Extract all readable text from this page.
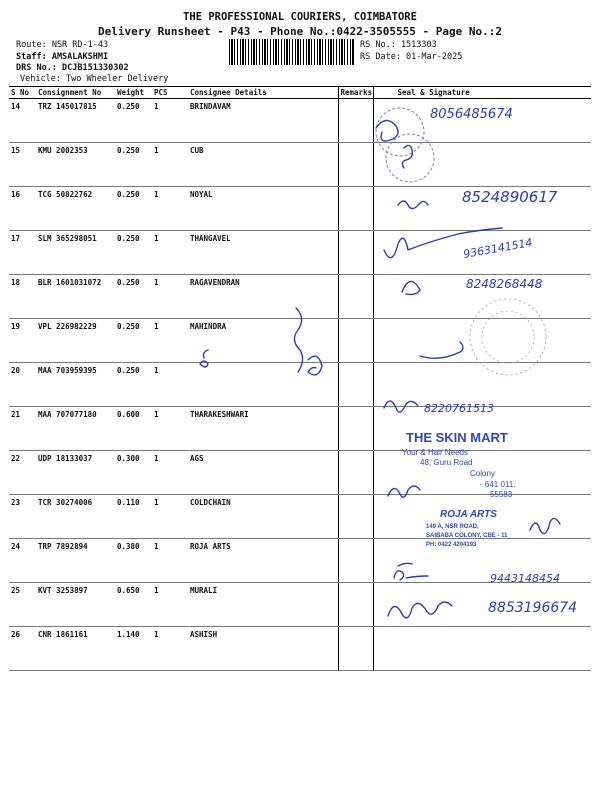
THE PROFESSIONAL COURIERS, COIMBATORE
Delivery Runsheet - P43 - Phone No.:0422-3505555 - Page No.:2
Route: NSR RD-1-43
Staff: AMSALAKSHMI
DRS No.: DCJB151330302
Vehicle: Two Wheeler Delivery
RS No.: 1513303
RS Date: 01-Mar-2025
S No	Consignment No	Weight	PCS	Consignee Details	Remarks	Seal & Signature
14	TRZ 145017815	0.250	1	BRINDAVAM		
15	KMU 2002353	0.250	1	CUB		
16	TCG 50822762	0.250	1	NOYAL		
17	SLM 365298051	0.250	1	THANGAVEL		
18	BLR 1601031072	0.250	1	RAGAVENDRAN		
19	VPL 226982229	0.250	1	MAHINDRA		
20	MAA 703959395	0.250	1			
21	MAA 707077180	0.600	1	THARAKESHWARI		
22	UDP 18133037	0.300	1	AGS		
23	TCR 30274006	0.110	1	COLDCHAIN		
24	TRP 7892894	0.380	1	ROJA ARTS		
25	KVT 3253897	0.650	1	MURALI		
26	CNR 1861161	1.140	1	ASHISH		
8056485674
8524890617
9363141514
8248268448
8220761513
THE SKIN MART
Your & Hair Needs
48, Guru Road
Colony
- 641 011.
55583
ROJA ARTS
149 A, NSR ROAD,
SAIBABA COLONY, CBE - 11
PH: 0422 4204193
9443148454
8853196674
